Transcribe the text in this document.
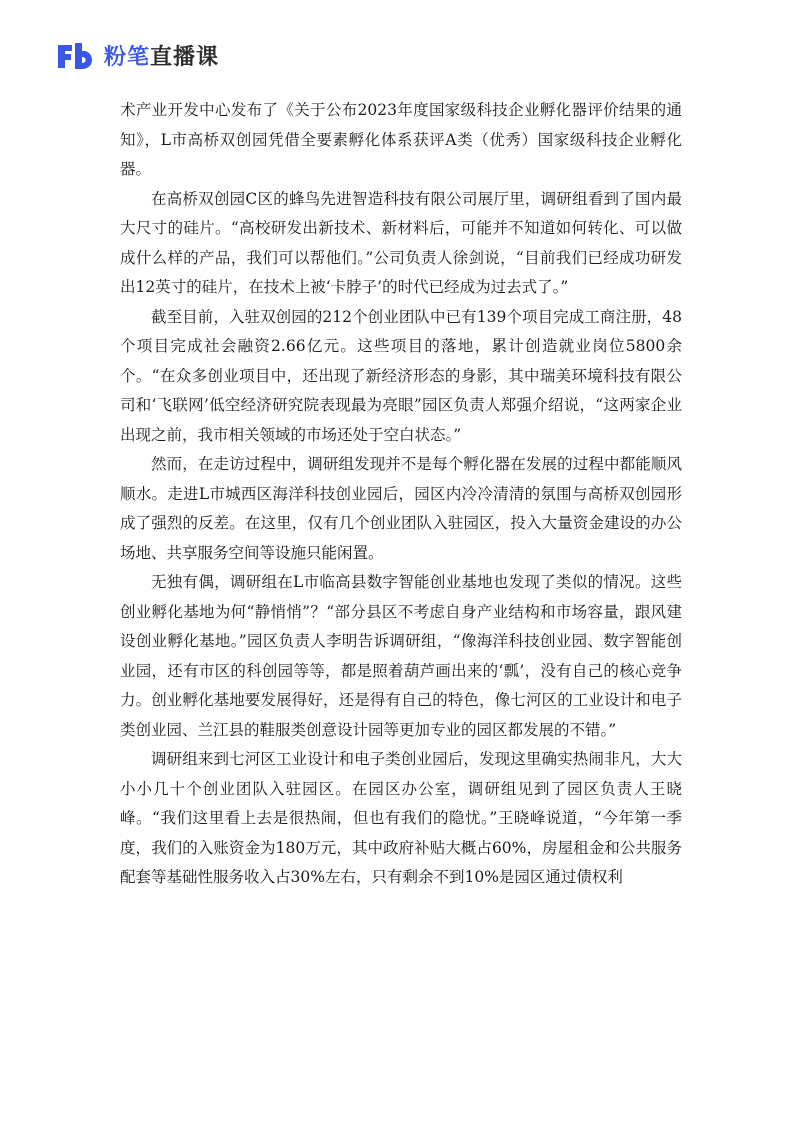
粉笔直播课

术产业开发中心发布了《关于公布2023年度国家级科技企业孵化器评价结果的通知》，L市高桥双创园凭借全要素孵化体系获评A类（优秀）国家级科技企业孵化器。

在高桥双创园C区的蜂鸟先进智造科技有限公司展厅里，调研组看到了国内最大尺寸的硅片。“高校研发出新技术、新材料后，可能并不知道如何转化、可以做成什么样的产品，我们可以帮他们。”公司负责人徐剑说，“目前我们已经成功研发出12英寸的硅片，在技术上被‘卡脖子’的时代已经成为过去式了。”

截至目前，入驻双创园的212个创业团队中已有139个项目完成工商注册，48个项目完成社会融资2.66亿元。这些项目的落地，累计创造就业岗位5800余个。“在众多创业项目中，还出现了新经济形态的身影，其中瑞美环境科技有限公司和‘飞联网’低空经济研究院表现最为亮眼”园区负责人郑强介绍说，“这两家企业出现之前，我市相关领域的市场还处于空白状态。”

然而，在走访过程中，调研组发现并不是每个孵化器在发展的过程中都能顺风顺水。走进L市城西区海洋科技创业园后，园区内冷冷清清的氛围与高桥双创园形成了强烈的反差。在这里，仅有几个创业团队入驻园区，投入大量资金建设的办公场地、共享服务空间等设施只能闲置。

无独有偶，调研组在L市临高县数字智能创业基地也发现了类似的情况。这些创业孵化基地为何“静悄悄”？“部分县区不考虑自身产业结构和市场容量，跟风建设创业孵化基地。”园区负责人李明告诉调研组，“像海洋科技创业园、数字智能创业园，还有市区的科创园等等，都是照着葫芦画出来的‘瓢’，没有自己的核心竞争力。创业孵化基地要发展得好，还是得有自己的特色，像七河区的工业设计和电子类创业园、兰江县的鞋服类创意设计园等更加专业的园区都发展的不错。”

调研组来到七河区工业设计和电子类创业园后，发现这里确实热闹非凡，大大小小几十个创业团队入驻园区。在园区办公室，调研组见到了园区负责人王晓峰。“我们这里看上去是很热闹，但也有我们的隐忧。”王晓峰说道，“今年第一季度，我们的入账资金为180万元，其中政府补贴大概占60%，房屋租金和公共服务配套等基础性服务收入占30%左右，只有剩余不到10%是园区通过债权利
